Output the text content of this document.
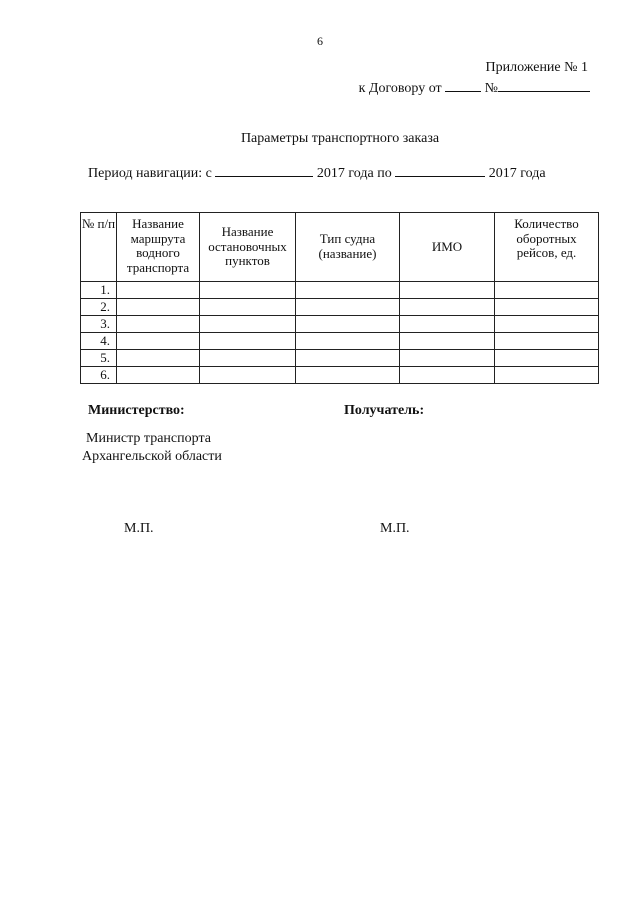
6
Приложение № 1
к Договору от	№
Параметры транспортного заказа
Период навигации: с	2017 года по	2017 года
№ п/п	Название маршрута водного транспорта	Название остановочных пунктов	Тип судна (название)	ИМО	Количество оборотных рейсов, ед.
1.					
2.					
3.					
4.					
5.					
6.					
Министерство:	Получатель:
Министр транспорта
Архангельской области
М.П.	М.П.
